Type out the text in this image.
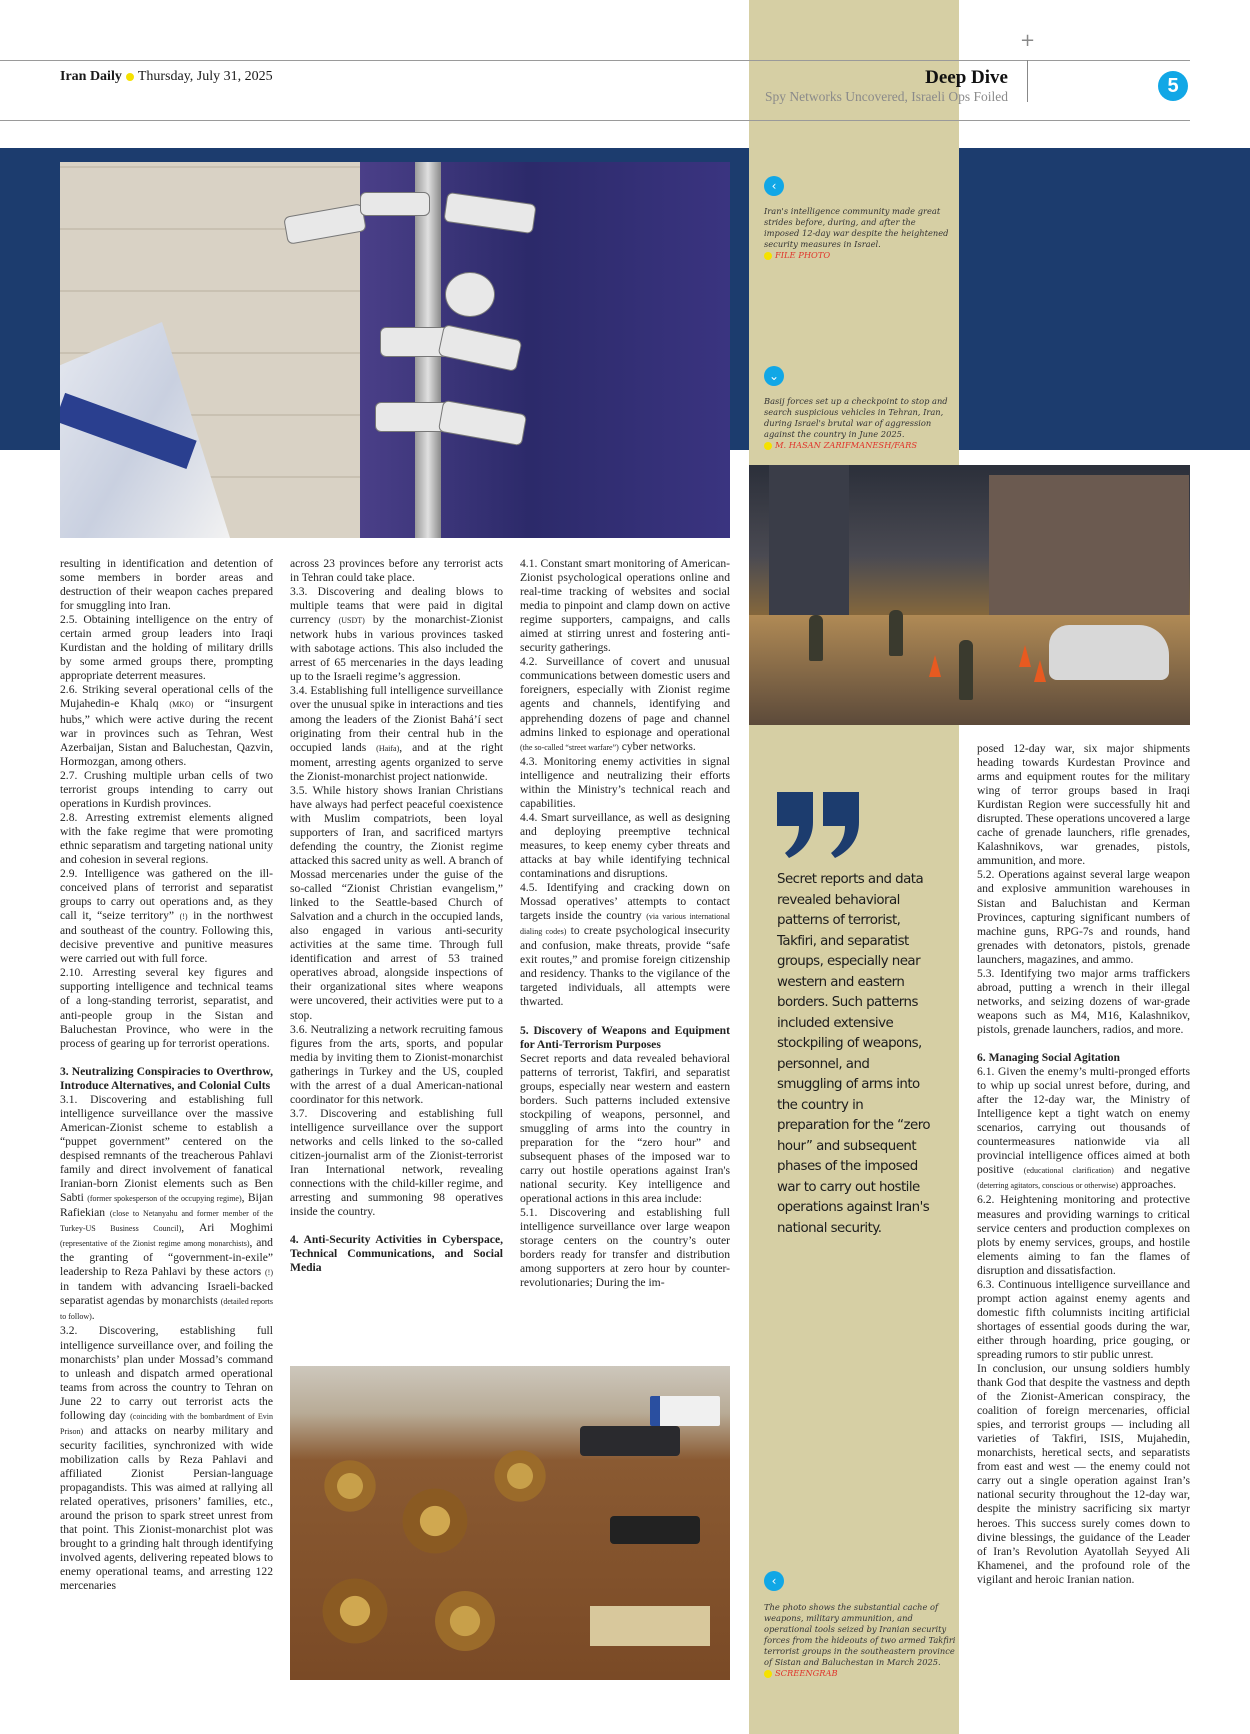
Iran Daily Thursday, July 31, 2025	Deep Dive
Spy Networks Uncovered, Israeli Ops Foiled
+
5
‹
Iran's intelligence community made great strides before, during, and after the imposed 12-day war despite the heightened security measures in Israel.
FILE PHOTO
⌄
Basij forces set up a checkpoint to stop and search suspicious vehicles in Tehran, Iran, during Israel's brutal war of aggression against the country in June 2025.
M. HASAN ZARIFMANESH/FARS

resulting in identification and detention of some members in border areas and destruction of their weapon caches prepared for smuggling into Iran.

2.5. Obtaining intelligence on the entry of certain armed group leaders into Iraqi Kurdistan and the holding of military drills by some armed groups there, prompting appropriate deterrent measures.

2.6. Striking several operational cells of the Mujahedin-e Khalq (MKO) or “insurgent hubs,” which were active during the recent war in provinces such as Tehran, West Azerbaijan, Sistan and Baluchestan, Qazvin, Hormozgan, among others.

2.7. Crushing multiple urban cells of two terrorist groups intending to carry out operations in Kurdish provinces.

2.8. Arresting extremist elements aligned with the fake regime that were promoting ethnic separatism and targeting national unity and cohesion in several regions.

2.9. Intelligence was gathered on the ill-conceived plans of terrorist and separatist groups to carry out operations and, as they call it, “seize territory” (!) in the northwest and southeast of the country. Following this, decisive preventive and punitive measures were carried out with full force.

2.10. Arresting several key figures and supporting intelligence and technical teams of a long-standing terrorist, separatist, and anti-people group in the Sistan and Baluchestan Province, who were in the process of gearing up for terrorist operations.

3. Neutralizing Conspiracies to Overthrow, Introduce Alternatives, and Colonial Cults

3.1. Discovering and establishing full intelligence surveillance over the massive American-Zionist scheme to establish a “puppet government” centered on the despised remnants of the treacherous Pahlavi family and direct involvement of fanatical Iranian-born Zionist elements such as Ben Sabti (former spokesperson of the occupying regime), Bijan Rafiekian (close to Netanyahu and former member of the Turkey-US Business Council), Ari Moghimi (representative of the Zionist regime among monarchists), and the granting of “government-in-exile” leadership to Reza Pahlavi by these actors (!) in tandem with advancing Israeli-backed separatist agendas by monarchists (detailed reports to follow).

3.2. Discovering, establishing full intelligence surveillance over, and foiling the monarchists’ plan under Mossad’s command to unleash and dispatch armed operational teams from across the country to Tehran on June 22 to carry out terrorist acts the following day (coinciding with the bombardment of Evin Prison) and attacks on nearby military and security facilities, synchronized with wide mobilization calls by Reza Pahlavi and affiliated Zionist Persian-language propagandists. This was aimed at rallying all related operatives, prisoners’ families, etc., around the prison to spark street unrest from that point. This Zionist-monarchist plot was brought to a grinding halt through identifying involved agents, delivering repeated blows to enemy operational teams, and arresting 122 mercenaries

across 23 provinces before any terrorist acts in Tehran could take place.

3.3. Discovering and dealing blows to multiple teams that were paid in digital currency (USDT) by the monarchist-Zionist network hubs in various provinces tasked with sabotage actions. This also included the arrest of 65 mercenaries in the days leading up to the Israeli regime’s aggression.

3.4. Establishing full intelligence surveillance over the unusual spike in interactions and ties among the leaders of the Zionist Bahá’í sect originating from their central hub in the occupied lands (Haifa), and at the right moment, arresting agents organized to serve the Zionist-monarchist project nationwide.

3.5. While history shows Iranian Christians have always had perfect peaceful coexistence with Muslim compatriots, been loyal supporters of Iran, and sacrificed martyrs defending the country, the Zionist regime attacked this sacred unity as well. A branch of Mossad mercenaries under the guise of the so-called “Zionist Christian evangelism,” linked to the Seattle-based Church of Salvation and a church in the occupied lands, also engaged in various anti-security activities at the same time. Through full identification and arrest of 53 trained operatives abroad, alongside inspections of their organizational sites where weapons were uncovered, their activities were put to a stop.

3.6. Neutralizing a network recruiting famous figures from the arts, sports, and popular media by inviting them to Zionist-monarchist gatherings in Turkey and the US, coupled with the arrest of a dual American-national coordinator for this network.

3.7. Discovering and establishing full intelligence surveillance over the support networks and cells linked to the so-called citizen-journalist arm of the Zionist-terrorist Iran International network, revealing connections with the child-killer regime, and arresting and summoning 98 operatives inside the country.

4. Anti-Security Activities in Cyberspace, Technical Communications, and Social Media

4.1. Constant smart monitoring of American-Zionist psychological operations online and real-time tracking of websites and social media to pinpoint and clamp down on active regime supporters, campaigns, and calls aimed at stirring unrest and fostering anti-security gatherings.

4.2. Surveillance of covert and unusual communications between domestic users and foreigners, especially with Zionist regime agents and channels, identifying and apprehending dozens of page and channel admins linked to espionage and operational (the so-called “street warfare”) cyber networks.

4.3. Monitoring enemy activities in signal intelligence and neutralizing their efforts within the Ministry’s technical reach and capabilities.

4.4. Smart surveillance, as well as designing and deploying preemptive technical measures, to keep enemy cyber threats and attacks at bay while identifying technical contaminations and disruptions.

4.5. Identifying and cracking down on Mossad operatives’ attempts to contact targets inside the country (via various international dialing codes) to create psychological insecurity and confusion, make threats, provide “safe exit routes,” and promise foreign citizenship and residency. Thanks to the vigilance of the targeted individuals, all attempts were thwarted.

5. Discovery of Weapons and Equipment for Anti-Terrorism Purposes

Secret reports and data revealed behavioral patterns of terrorist, Takfiri, and separatist groups, especially near western and eastern borders. Such patterns included extensive stockpiling of weapons, personnel, and smuggling of arms into the country in preparation for the “zero hour” and subsequent phases of the imposed war to carry out hostile operations against Iran's national security. Key intelligence and operational actions in this area include:

5.1. Discovering and establishing full intelligence surveillance over large weapon storage centers on the country’s outer borders ready for transfer and distribution among supporters at zero hour by counter-revolutionaries; During the im-

Secret reports and data revealed behavioral patterns of terrorist, Takfiri, and separatist groups, especially near western and eastern borders. Such patterns included extensive stockpiling of weapons, personnel, and smuggling of arms into the country in preparation for the “zero hour” and subsequent phases of the imposed war to carry out hostile operations against Iran's national security.
‹
The photo shows the substantial cache of weapons, military ammunition, and operational tools seized by Iranian security forces from the hideouts of two armed Takfiri terrorist groups in the southeastern province of Sistan and Baluchestan in March 2025.
SCREENGRAB

posed 12-day war, six major shipments heading towards Kurdestan Province and arms and equipment routes for the military wing of terror groups based in Iraqi Kurdistan Region were successfully hit and disrupted. These operations uncovered a large cache of grenade launchers, rifle grenades, Kalashnikovs, war grenades, pistols, ammunition, and more.

5.2. Operations against several large weapon and explosive ammunition warehouses in Sistan and Baluchistan and Kerman Provinces, capturing significant numbers of machine guns, RPG-7s and rounds, hand grenades with detonators, pistols, grenade launchers, magazines, and ammo.

5.3. Identifying two major arms traffickers abroad, putting a wrench in their illegal networks, and seizing dozens of war-grade weapons such as M4, M16, Kalashnikov, pistols, grenade launchers, radios, and more.

6. Managing Social Agitation

6.1. Given the enemy’s multi-pronged efforts to whip up social unrest before, during, and after the 12-day war, the Ministry of Intelligence kept a tight watch on enemy scenarios, carrying out thousands of countermeasures nationwide via all provincial intelligence offices aimed at both positive (educational clarification) and negative (deterring agitators, conscious or otherwise) approaches.

6.2. Heightening monitoring and protective measures and providing warnings to critical service centers and production complexes on plots by enemy services, groups, and hostile elements aiming to fan the flames of disruption and dissatisfaction.

6.3. Continuous intelligence surveillance and prompt action against enemy agents and domestic fifth columnists inciting artificial shortages of essential goods during the war, either through hoarding, price gouging, or spreading rumors to stir public unrest.

In conclusion, our unsung soldiers humbly thank God that despite the vastness and depth of the Zionist-American conspiracy, the coalition of foreign mercenaries, official spies, and terrorist groups — including all varieties of Takfiri, ISIS, Mujahedin, monarchists, heretical sects, and separatists from east and west — the enemy could not carry out a single operation against Iran’s national security throughout the 12-day war, despite the ministry sacrificing six martyr heroes. This success surely comes down to divine blessings, the guidance of the Leader of Iran’s Revolution Ayatollah Seyyed Ali Khamenei, and the profound role of the vigilant and heroic Iranian nation.
